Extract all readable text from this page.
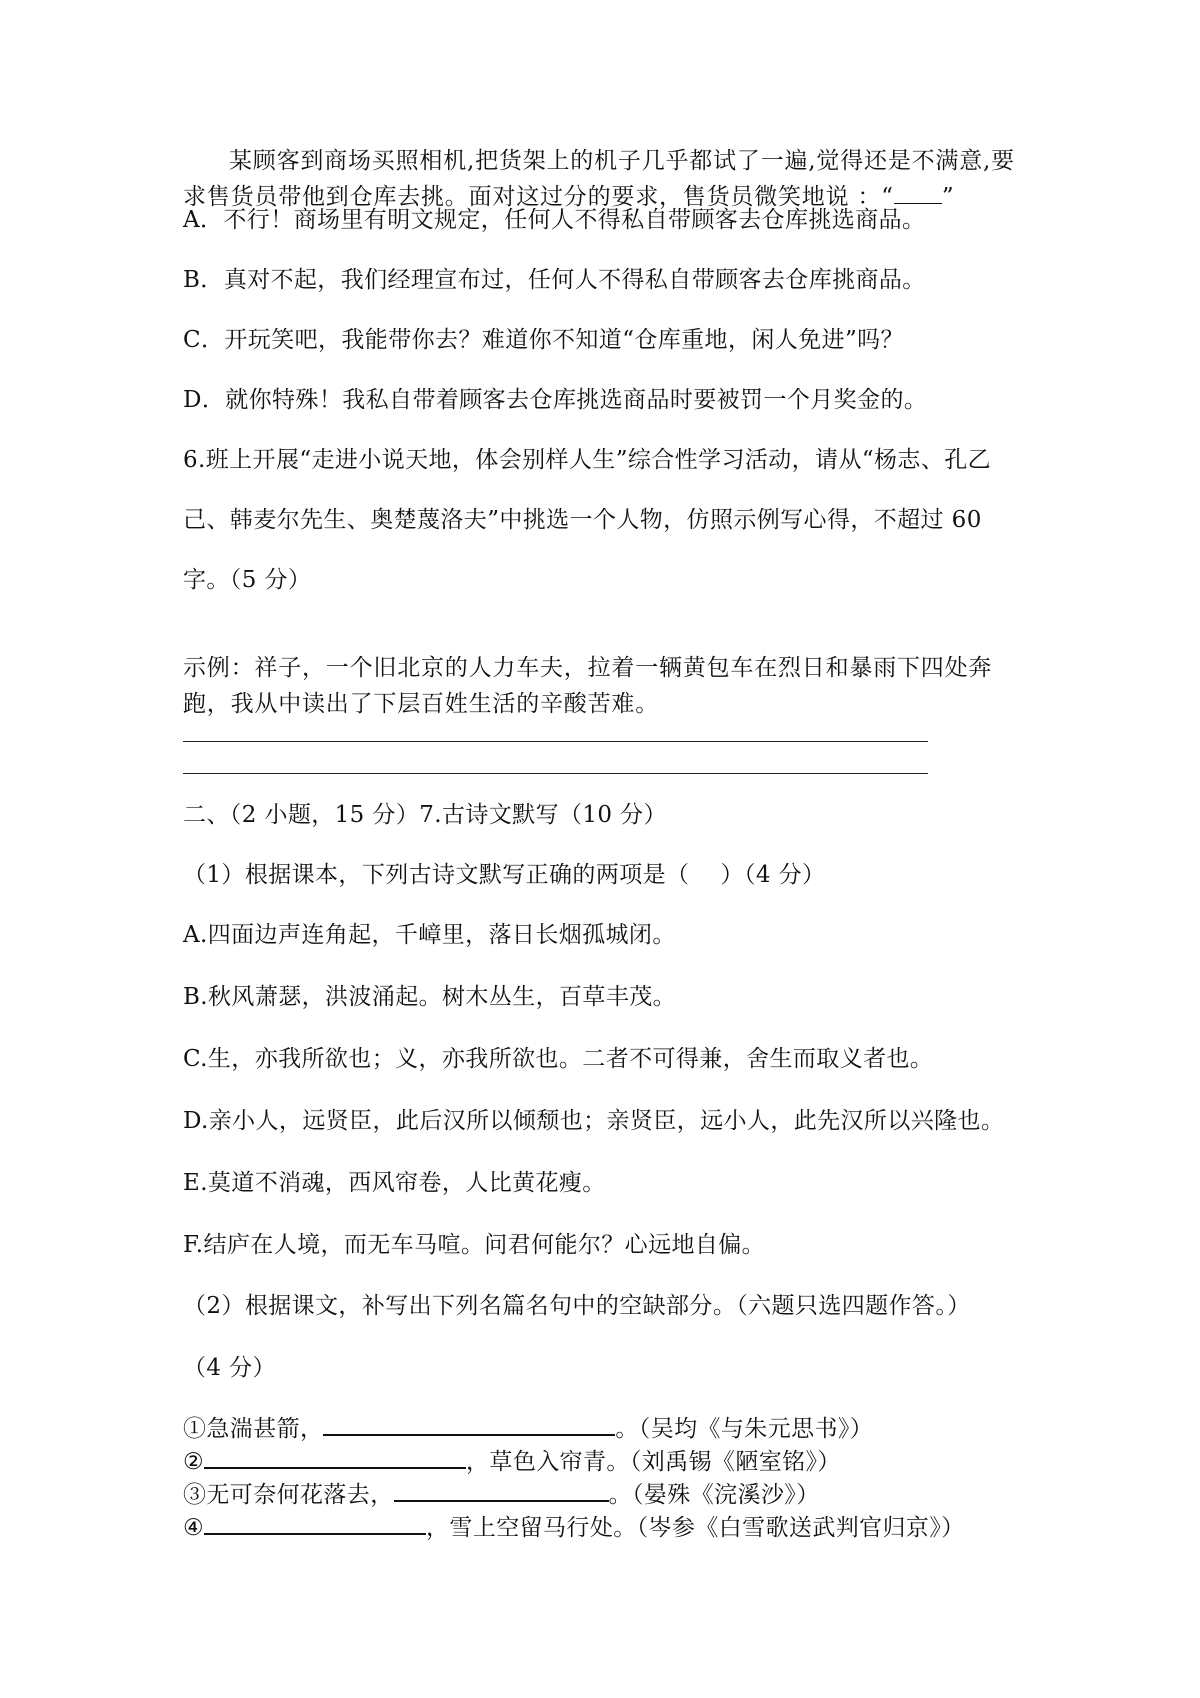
某顾客到商场买照相机,把货架上的机子几乎都试了一遍,觉得还是不满意,要求售货员带他到仓库去挑。面对这过分的要求，售货员微笑地说 ：“ ”

A．不行！商场里有明文规定，任何人不得私自带顾客去仓库挑选商品。

B．真对不起，我们经理宣布过，任何人不得私自带顾客去仓库挑商品。

C．开玩笑吧，我能带你去？难道你不知道“仓库重地，闲人免进”吗？

D．就你特殊！我私自带着顾客去仓库挑选商品时要被罚一个月奖金的。

6.班上开展“走进小说天地，体会别样人生”综合性学习活动，请从“杨志、孔乙

己、韩麦尔先生、奥楚蔑洛夫”中挑选一个人物，仿照示例写心得，不超过 60

字。（5 分）

示例：祥子，一个旧北京的人力车夫，拉着一辆黄包车在烈日和暴雨下四处奔跑，我从中读出了下层百姓生活的辛酸苦难。

二、（2 小题，15 分）7.古诗文默写（10 分）

（1）根据课本，下列古诗文默写正确的两项是（　 ）（4 分）

A.四面边声连角起，千嶂里，落日长烟孤城闭。

B.秋风萧瑟，洪波涌起。树木丛生，百草丰茂。

C.生，亦我所欲也；义，亦我所欲也。二者不可得兼，舍生而取义者也。

D.亲小人，远贤臣，此后汉所以倾颓也；亲贤臣，远小人，此先汉所以兴隆也。

E.莫道不消魂，西风帘卷，人比黄花瘦。

F.结庐在人境，而无车马喧。问君何能尔？心远地自偏。

（2）根据课文，补写出下列名篇名句中的空缺部分。（六题只选四题作答。）

（4 分）

①急湍甚箭，	。（吴均《与朱元思书》）

②	，草色入帘青。（刘禹锡《陋室铭》）

③无可奈何花落去，	。（晏殊《浣溪沙》）

④	，雪上空留马行处。（岑参《白雪歌送武判官归京》）
